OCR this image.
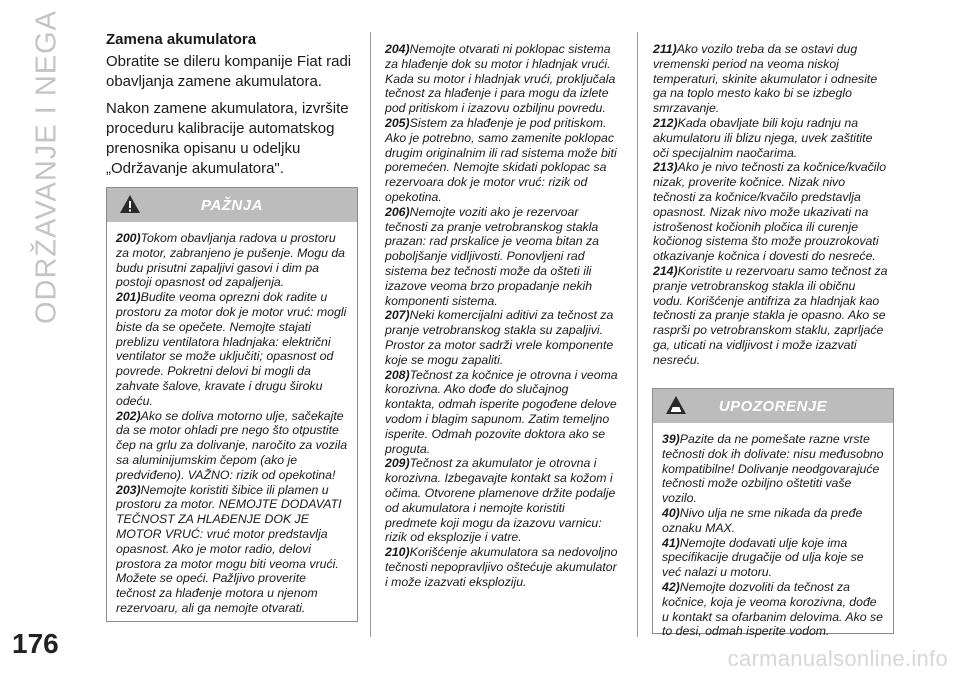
ODRŽAVANJE I NEGA
176
Zamena akumulatora

Obratite se dileru kompanije Fiat radi obavljanja zamene akumulatora.

Nakon zamene akumulatora, izvršite proceduru kalibracije automatskog prenosnika opisanu u odeljku „Održavanje akumulatora".

PAŽNJA

200)Tokom obavljanja radova u prostoru za motor, zabranjeno je pušenje. Mogu da budu prisutni zapaljivi gasovi i dim pa postoji opasnost od zapaljenja.

201)Budite veoma oprezni dok radite u prostoru za motor dok je motor vruć: mogli biste da se opečete. Nemojte stajati preblizu ventilatora hladnjaka: električni ventilator se može uključiti; opasnost od povrede. Pokretni delovi bi mogli da zahvate šalove, kravate i drugu široku odeću.

202)Ako se doliva motorno ulje, sačekajte da se motor ohladi pre nego što otpustite čep na grlu za dolivanje, naročito za vozila sa aluminijumskim čepom (ako je predviđeno). VAŽNO: rizik od opekotina!

203)Nemojte koristiti šibice ili plamen u prostoru za motor. NEMOJTE DODAVATI TEČNOST ZA HLAĐENJE DOK JE MOTOR VRUĆ: vruć motor predstavlja opasnost. Ako je motor radio, delovi prostora za motor mogu biti veoma vrući. Možete se opeći. Pažljivo proverite tečnost za hlađenje motora u njenom rezervoaru, ali ga nemojte otvarati.

204)Nemojte otvarati ni poklopac sistema za hlađenje dok su motor i hladnjak vrući. Kada su motor i hladnjak vrući, proključala tečnost za hlađenje i para mogu da izlete pod pritiskom i izazovu ozbiljnu povredu.

205)Sistem za hlađenje je pod pritiskom. Ako je potrebno, samo zamenite poklopac drugim originalnim ili rad sistema može biti poremećen. Nemojte skidati poklopac sa rezervoara dok je motor vruć: rizik od opekotina.

206)Nemojte voziti ako je rezervoar tečnosti za pranje vetrobranskog stakla prazan: rad prskalice je veoma bitan za poboljšanje vidljivosti. Ponovljeni rad sistema bez tečnosti može da ošteti ili izazove veoma brzo propadanje nekih komponenti sistema.

207)Neki komercijalni aditivi za tečnost za pranje vetrobranskog stakla su zapaljivi. Prostor za motor sadrži vrele komponente koje se mogu zapaliti.

208)Tečnost za kočnice je otrovna i veoma korozivna. Ako dođe do slučajnog kontakta, odmah isperite pogođene delove vodom i blagim sapunom. Zatim temeljno isperite. Odmah pozovite doktora ako se proguta.

209)Tečnost za akumulator je otrovna i korozivna. Izbegavajte kontakt sa kožom i očima. Otvorene plamenove držite podalje od akumulatora i nemojte koristiti predmete koji mogu da izazovu varnicu: rizik od eksplozije i vatre.

210)Korišćenje akumulatora sa nedovoljno tečnosti nepopravljivo oštećuje akumulator i može izazvati eksploziju.

211)Ako vozilo treba da se ostavi dug vremenski period na veoma niskoj temperaturi, skinite akumulator i odnesite ga na toplo mesto kako bi se izbeglo smrzavanje.

212)Kada obavljate bili koju radnju na akumulatoru ili blizu njega, uvek zaštitite oči specijalnim naočarima.

213)Ako je nivo tečnosti za kočnice/kvačilo nizak, proverite kočnice. Nizak nivo tečnosti za kočnice/kvačilo predstavlja opasnost. Nizak nivo može ukazivati na istrošenost kočionih pločica ili curenje kočionog sistema što može prouzrokovati otkazivanje kočnica i dovesti do nesreće.

214)Koristite u rezervoaru samo tečnost za pranje vetrobranskog stakla ili običnu vodu. Korišćenje antifriza za hladnjak kao tečnosti za pranje stakla je opasno. Ako se rasprši po vetrobranskom staklu, zaprljaće ga, uticati na vidljivost i može izazvati nesreću.

UPOZORENJE

39)Pazite da ne pomešate razne vrste tečnosti dok ih dolivate: nisu međusobno kompatibilne! Dolivanje neodgovarajuće tečnosti može ozbiljno oštetiti vaše vozilo.

40)Nivo ulja ne sme nikada da pređe oznaku MAX.

41)Nemojte dodavati ulje koje ima specifikacije drugačije od ulja koje se već nalazi u motoru.

42)Nemojte dozvoliti da tečnost za kočnice, koja je veoma korozivna, dođe u kontakt sa ofarbanim delovima. Ako se to desi, odmah isperite vodom.

carmanualsonline.info
